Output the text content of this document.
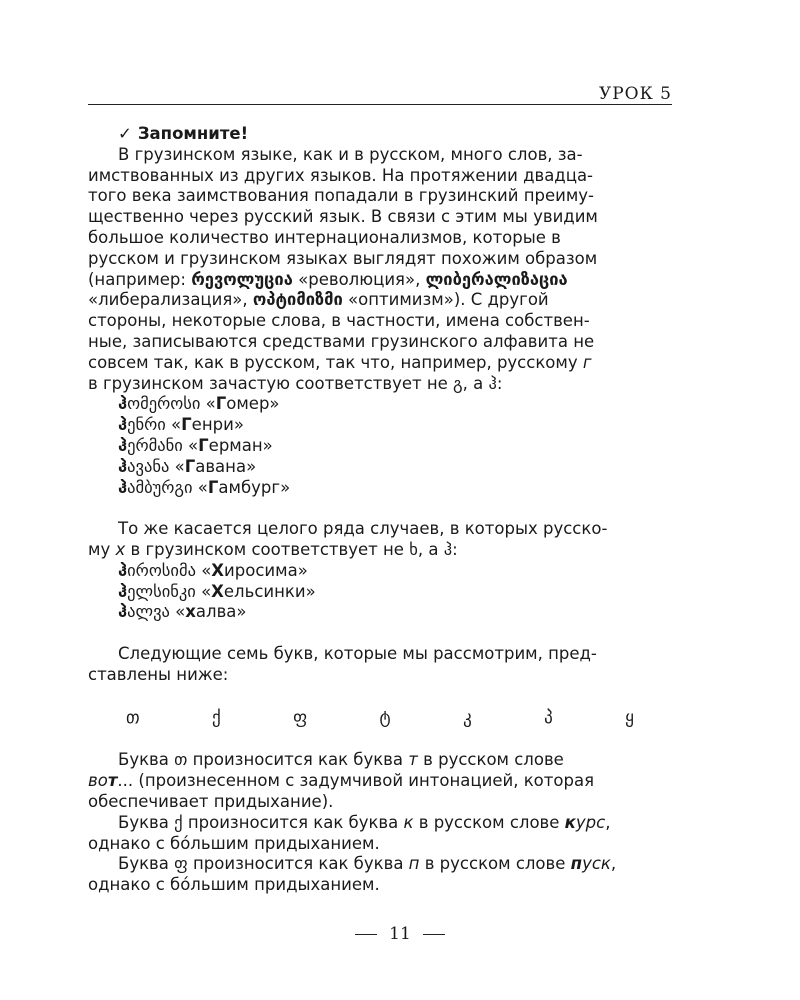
УРОК 5

✓ Запомните!

В грузинском языке, как и в русском, много слов, за-

имствованных из других языков. На протяжении двадца-

того века заимствования попадали в грузинский преиму-

щественно через русский язык. В связи с этим мы увидим

большое количество интернационализмов, которые в

русском и грузинском языках выглядят похожим образом

(например: რევოლუცია «революция», ლიბერალიზაცია

«либерализация», ოპტიმიზმი «оптимизм»). С другой

стороны, некоторые слова, в частности, имена собствен-

ные, записываются средствами грузинского алфавита не

совсем так, как в русском, так что, например, русскому г

в грузинском зачастую соответствует не გ, а ჰ:

ჰომეროსი «Гомер»

ჰენრი «Генри»

ჰერმანი «Герман»

ჰავანა «Гавана»

ჰამბურგი «Гамбург»

То же касается целого ряда случаев, в которых русско-

му х в грузинском соответствует не ხ, а ჰ:

ჰიროსიმა «Хиросима»

ჰელსინკი «Хельсинки»

ჰალვა «халва»

Следующие семь букв, которые мы рассмотрим, пред-

ставлены ниже:

თ	ქ	ფ	ტ	კ	პ	ყ

Буква თ произносится как буква т в русском слове

вот... (произнесенном с задумчивой интонацией, которая

обеспечивает придыхание).

Буква ქ произносится как буква к в русском слове курс,

однако с бóльшим придыханием.

Буква ფ произносится как буква п в русском слове пуск,

однако с бóльшим придыханием.

11
